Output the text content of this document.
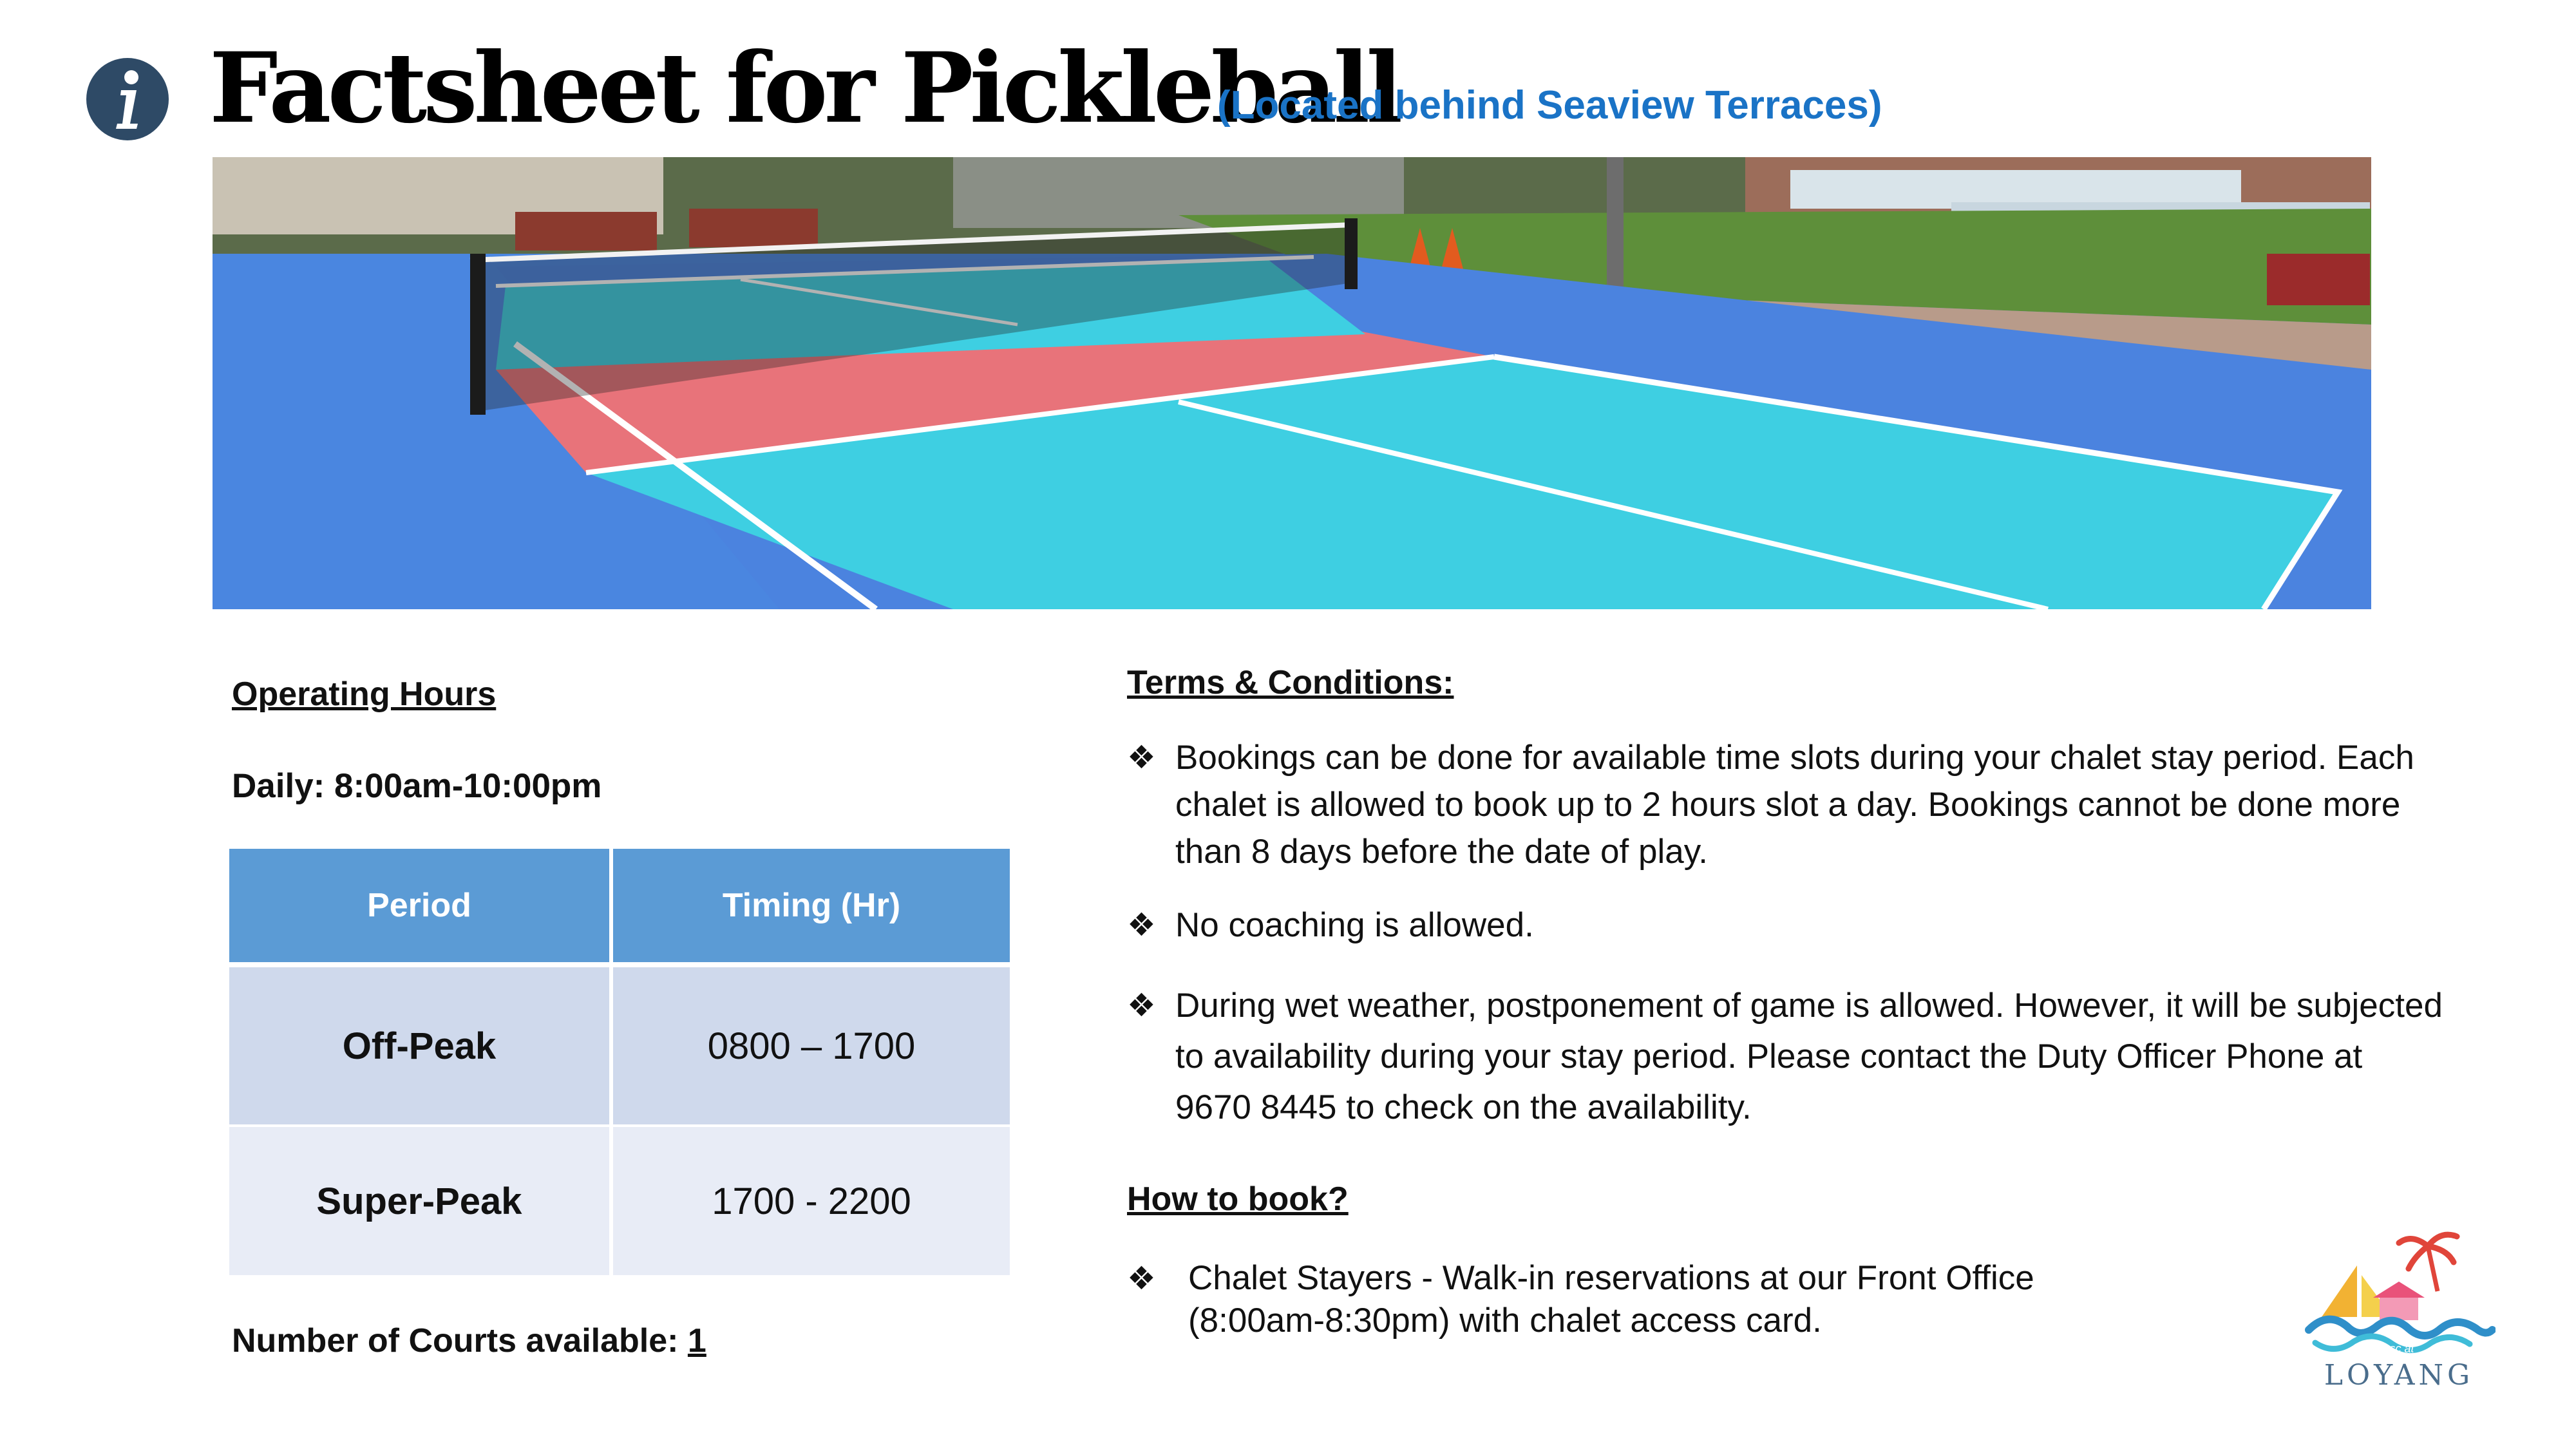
Factsheet for Pickleball
(Located behind Seaview Terraces)
Operating Hours
Daily: 8:00am-10:00pm
Period	Timing (Hr)
Off-Peak	0800 – 1700
Super-Peak	1700 - 2200
Number of Courts available: 1
Terms & Conditions:
❖ Bookings can be done for available time slots during your chalet stay period. Each chalet is allowed to book up to 2 hours slot a day. Bookings cannot be done more than 8 days before the date of play.
❖ No coaching is allowed.
❖ During wet weather, postponement of game is allowed. However, it will be subjected to availability during your stay period. Please contact the Duty Officer Phone at 9670 8445 to check on the availability.
How to book?
❖ Chalet Stayers - Walk-in reservations at our Front Office (8:00am-8:30pm) with chalet access card.
csc at
LOYANG
